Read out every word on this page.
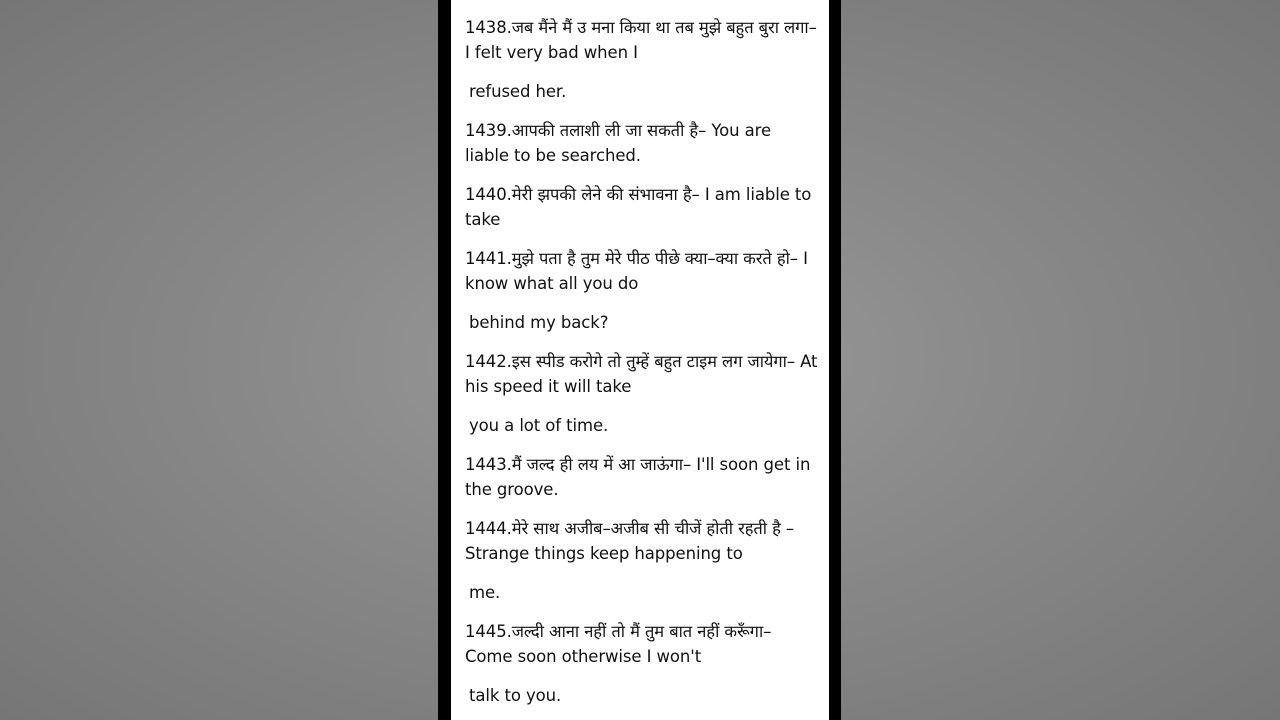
1438.जब मैंने मैं उ मना किया था तब मुझे बहुत बुरा लगा– I felt very bad when I

refused her.

1439.आपकी तलाशी ली जा सकती है– You are liable to be searched.

1440.मेरी झपकी लेने की संभावना है– I am liable to take

1441.मुझे पता है तुम मेरे पीठ पीछे क्या–क्या करते हो– I know what all you do

behind my back?

1442.इस स्पीड करोगे तो तुम्हें बहुत टाइम लग जायेगा– At his speed it will take

you a lot of time.

1443.मैं जल्द ही लय में आ जाऊंगा– I'll soon get in the groove.

1444.मेरे साथ अजीब–अजीब सी चीजें होती रहती है – Strange things keep happening to

me.

1445.जल्दी आना नहीं तो मैं तुम बात नहीं करूँगा– Come soon otherwise I won't

talk to you.
